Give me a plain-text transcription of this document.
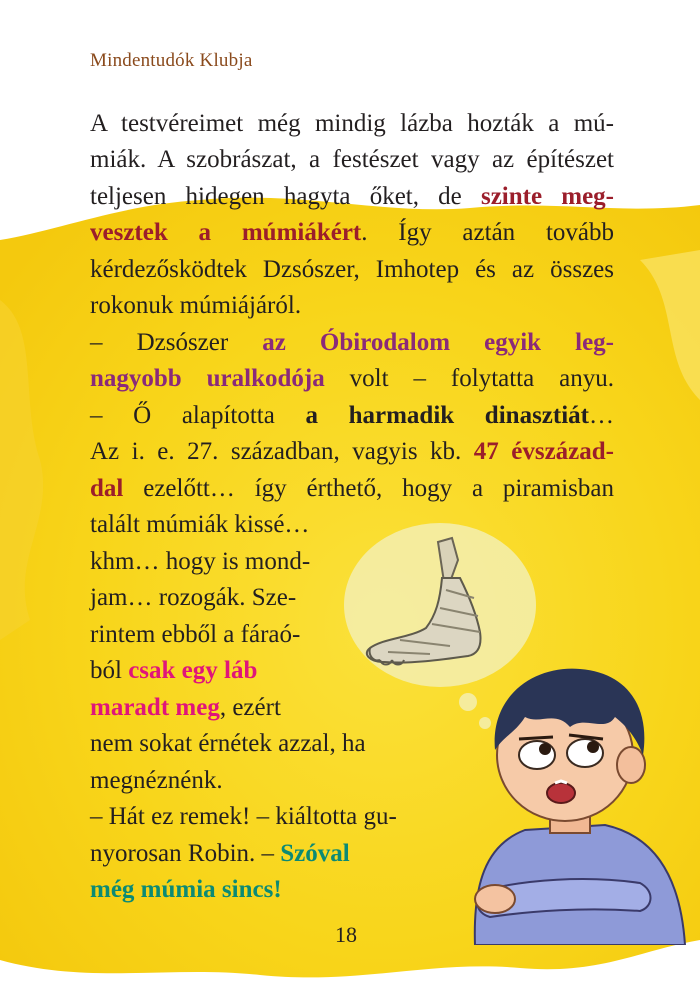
Mindentudók Klubja
A testvéreimet még mindig lázba hozták a mú-
miák. A szobrászat, a festészet vagy az építészet
teljesen hidegen hagyta őket, de szinte meg-
vesztek a múmiákért. Így aztán tovább
kérdezősködtek Dzsószer, Imhotep és az összes
rokonuk múmiájáról.
– Dzsószer az Óbirodalom egyik leg-
nagyobb uralkodója volt – folytatta anyu.
– Ő alapította a harmadik dinasztiát…
Az i. e. 27. században, vagyis kb. 47 évszázad-
dal ezelőtt… így érthető, hogy a piramisban
talált múmiák kissé…
khm… hogy is mond-
jam… rozogák. Sze-
rintem ebből a fáraó-
ból csak egy láb
maradt meg, ezért
nem sokat érnétek azzal, ha
megnéznénk.
– Hát ez remek! – kiáltotta gu-
nyorosan Robin. – Szóval
még múmia sincs!
18
